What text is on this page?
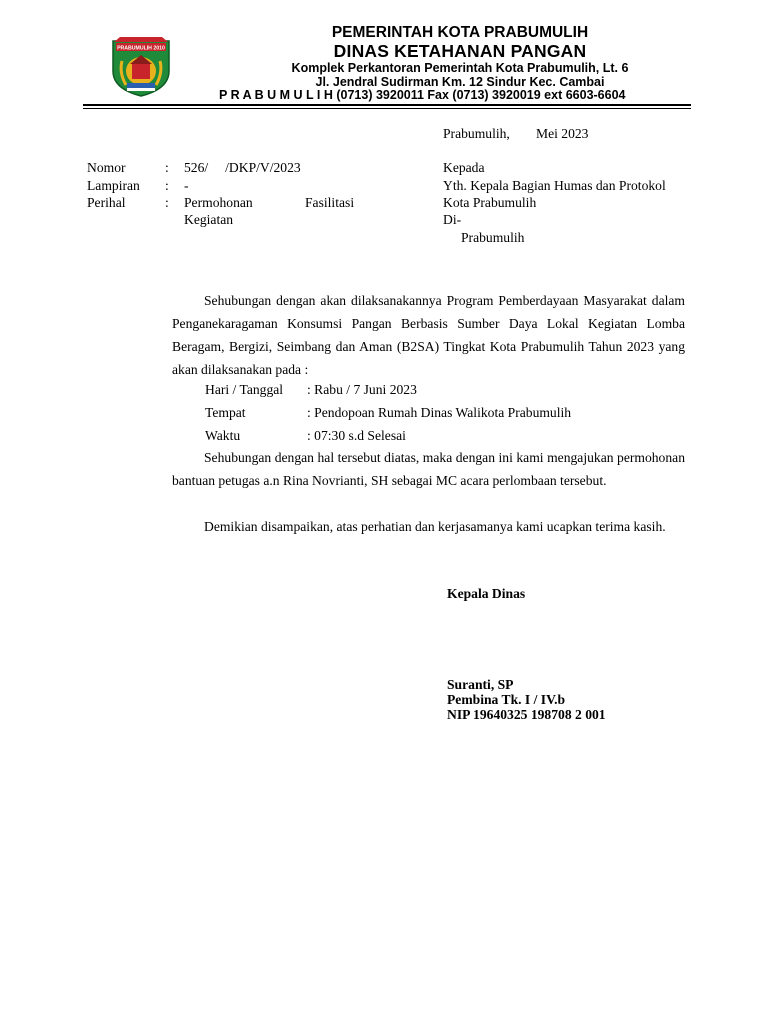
PRABUMULIH 2010
PEMERINTAH KOTA PRABUMULIH
DINAS KETAHANAN PANGAN
Komplek Perkantoran Pemerintah Kota Prabumulih, Lt. 6
Jl. Jendral Sudirman Km. 12 Sindur Kec. Cambai
P R A B U M U L I H (0713) 3920011 Fax (0713) 3920019 ext 6603-6604
Prabumulih, Mei 2023
Nomor	: 526/     /DKP/V/2023
Lampiran : -
Perihal	: Permohonan	Fasilitasi
Kegiatan
Kepada
Yth. Kepala Bagian Humas dan Protokol
Kota Prabumulih
Di-
Prabumulih
Sehubungan dengan akan dilaksanakannya Program Pemberdayaan Masyarakat dalam Penganekaragaman Konsumsi Pangan Berbasis Sumber Daya Lokal Kegiatan Lomba Beragam, Bergizi, Seimbang dan Aman (B2SA) Tingkat Kota Prabumulih Tahun 2023 yang akan dilaksanakan pada :
Hari / Tanggal : Rabu / 7 Juni 2023
Tempat	: Pendopoan Rumah Dinas Walikota Prabumulih
Waktu	: 07:30 s.d Selesai
Sehubungan dengan hal tersebut diatas, maka dengan ini kami mengajukan permohonan bantuan petugas a.n Rina Novrianti, SH sebagai MC acara perlombaan tersebut.
Demikian disampaikan, atas perhatian dan kerjasamanya kami ucapkan terima kasih.
Kepala Dinas
Suranti, SP
Pembina Tk. I / IV.b
NIP 19640325 198708 2 001
